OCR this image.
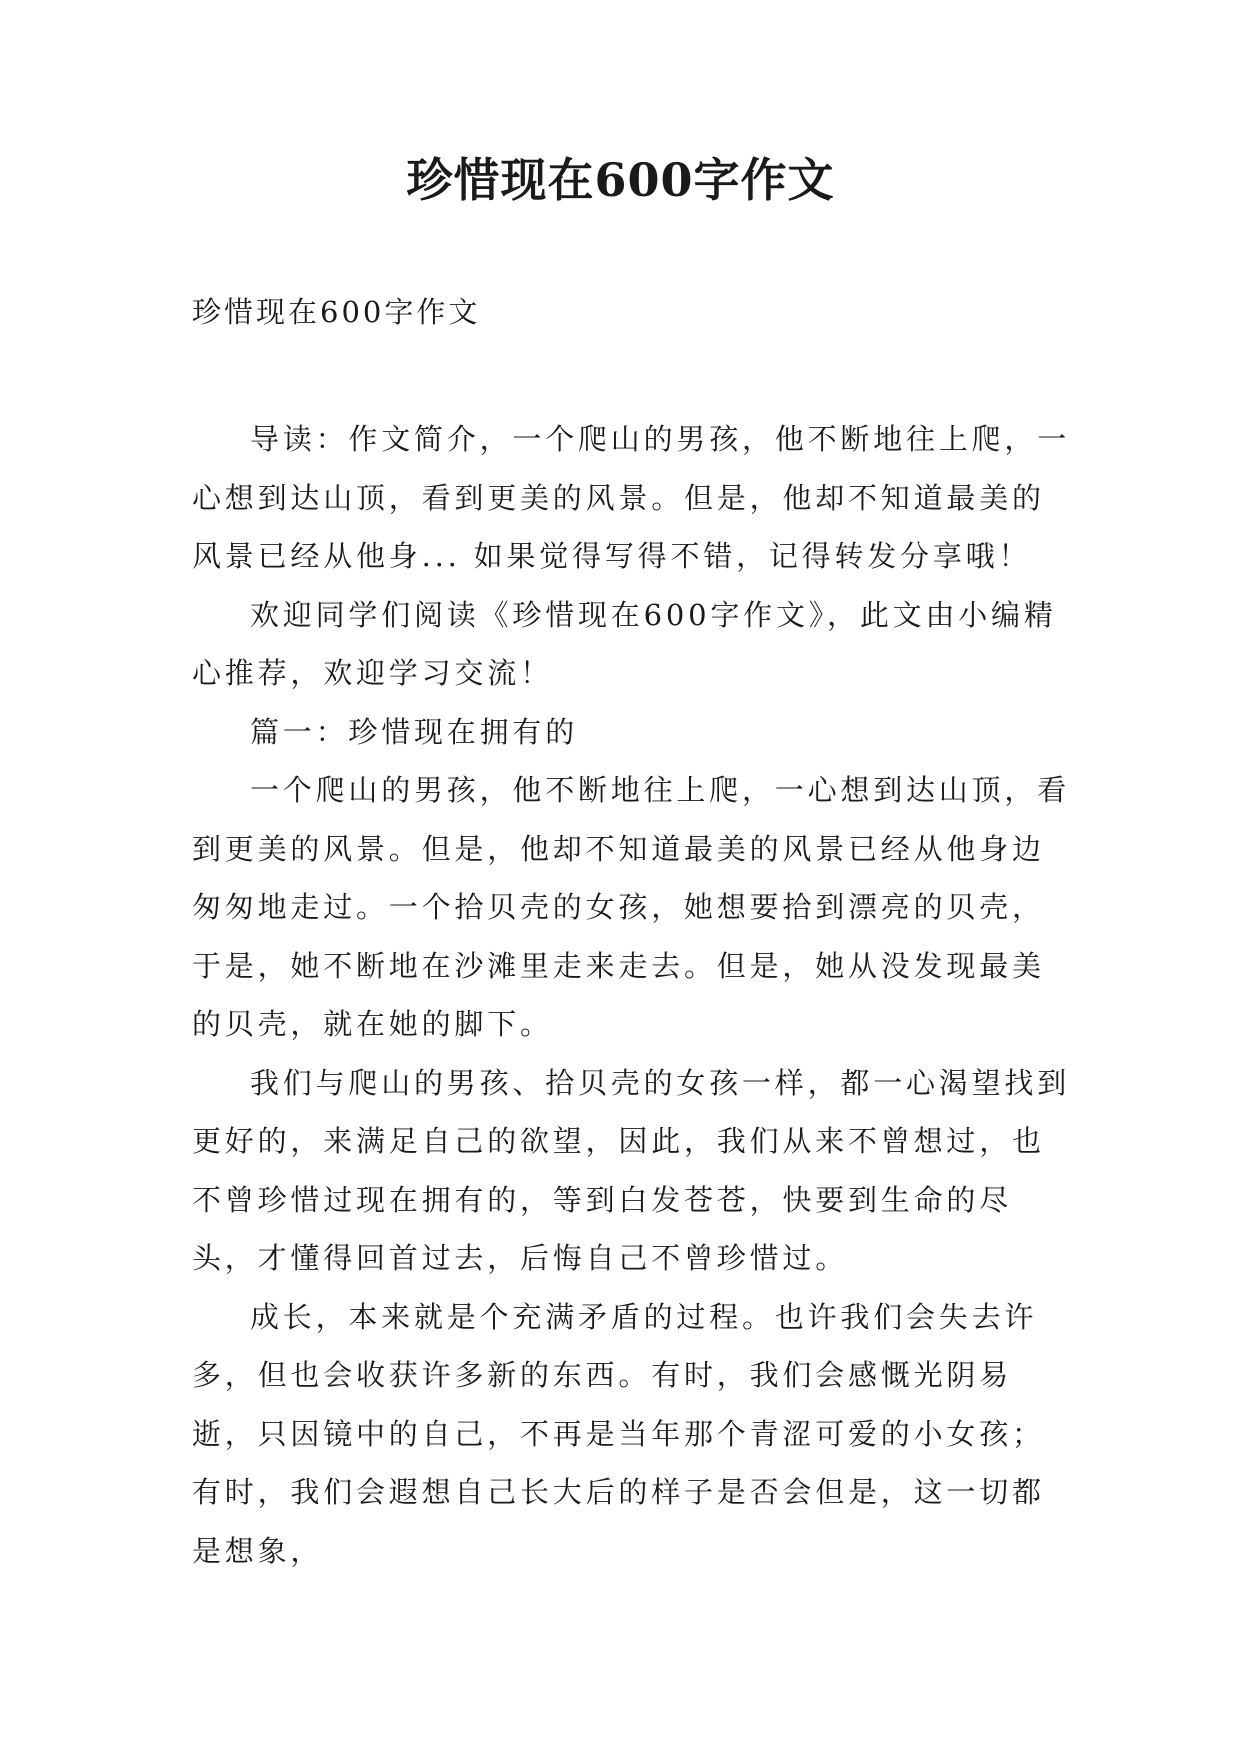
珍惜现在600字作文

珍惜现在600字作文

导读：作文简介，一个爬山的男孩，他不断地往上爬，一心想到达山顶，看到更美的风景。但是，他却不知道最美的风景已经从他身... 如果觉得写得不错，记得转发分享哦！

欢迎同学们阅读《珍惜现在600字作文》，此文由小编精心推荐，欢迎学习交流！

篇一：珍惜现在拥有的

一个爬山的男孩，他不断地往上爬，一心想到达山顶，看到更美的风景。但是，他却不知道最美的风景已经从他身边匆匆地走过。一个拾贝壳的女孩，她想要拾到漂亮的贝壳，于是，她不断地在沙滩里走来走去。但是，她从没发现最美的贝壳，就在她的脚下。

我们与爬山的男孩、拾贝壳的女孩一样，都一心渴望找到更好的，来满足自己的欲望，因此，我们从来不曾想过，也不曾珍惜过现在拥有的，等到白发苍苍，快要到生命的尽头，才懂得回首过去，后悔自己不曾珍惜过。

成长，本来就是个充满矛盾的过程。也许我们会失去许多，但也会收获许多新的东西。有时，我们会感慨光阴易逝，只因镜中的自己，不再是当年那个青涩可爱的小女孩；有时，我们会遐想自己长大后的样子是否会但是，这一切都是想象，
